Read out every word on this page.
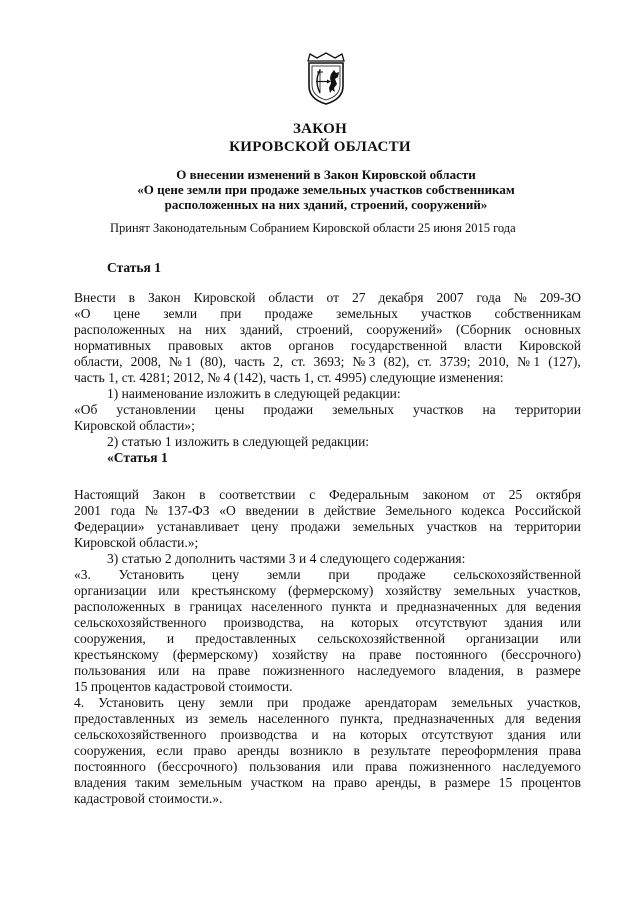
ЗАКОН
КИРОВСКОЙ ОБЛАСТИ
О внесении изменений в Закон Кировской области
«О цене земли при продаже земельных участков собственникам
расположенных на них зданий, строений, сооружений»
Принят Законодательным Собранием Кировской области 25 июня 2015 года
Статья 1
Внести в Закон Кировской области от 27 декабря 2007 года № 209-ЗО
«О цене земли при продаже земельных участков собственникам
расположенных на них зданий, строений, сооружений» (Сборник основных
нормативных правовых актов органов государственной власти Кировской
области, 2008, № 1 (80), часть 2, ст. 3693; № 3 (82), ст. 3739; 2010, № 1 (127),
часть 1, ст. 4281; 2012, № 4 (142), часть 1, ст. 4995) следующие изменения:
1) наименование изложить в следующей редакции:
«Об установлении цены продажи земельных участков на территории
Кировской области»;
2) статью 1 изложить в следующей редакции:
«Статья 1
Настоящий Закон в соответствии с Федеральным законом от 25 октября
2001 года № 137-ФЗ «О введении в действие Земельного кодекса Российской
Федерации» устанавливает цену продажи земельных участков на территории
Кировской области.»;
3) статью 2 дополнить частями 3 и 4 следующего содержания:
«3. Установить цену земли при продаже сельскохозяйственной
организации или крестьянскому (фермерскому) хозяйству земельных участков,
расположенных в границах населенного пункта и предназначенных для ведения
сельскохозяйственного производства, на которых отсутствуют здания или
сооружения, и предоставленных сельскохозяйственной организации или
крестьянскому (фермерскому) хозяйству на праве постоянного (бессрочного)
пользования или на праве пожизненного наследуемого владения, в размере
15 процентов кадастровой стоимости.
4. Установить цену земли при продаже арендаторам земельных участков,
предоставленных из земель населенного пункта, предназначенных для ведения
сельскохозяйственного производства и на которых отсутствуют здания или
сооружения, если право аренды возникло в результате переоформления права
постоянного (бессрочного) пользования или права пожизненного наследуемого
владения таким земельным участком на право аренды, в размере 15 процентов
кадастровой стоимости.».
